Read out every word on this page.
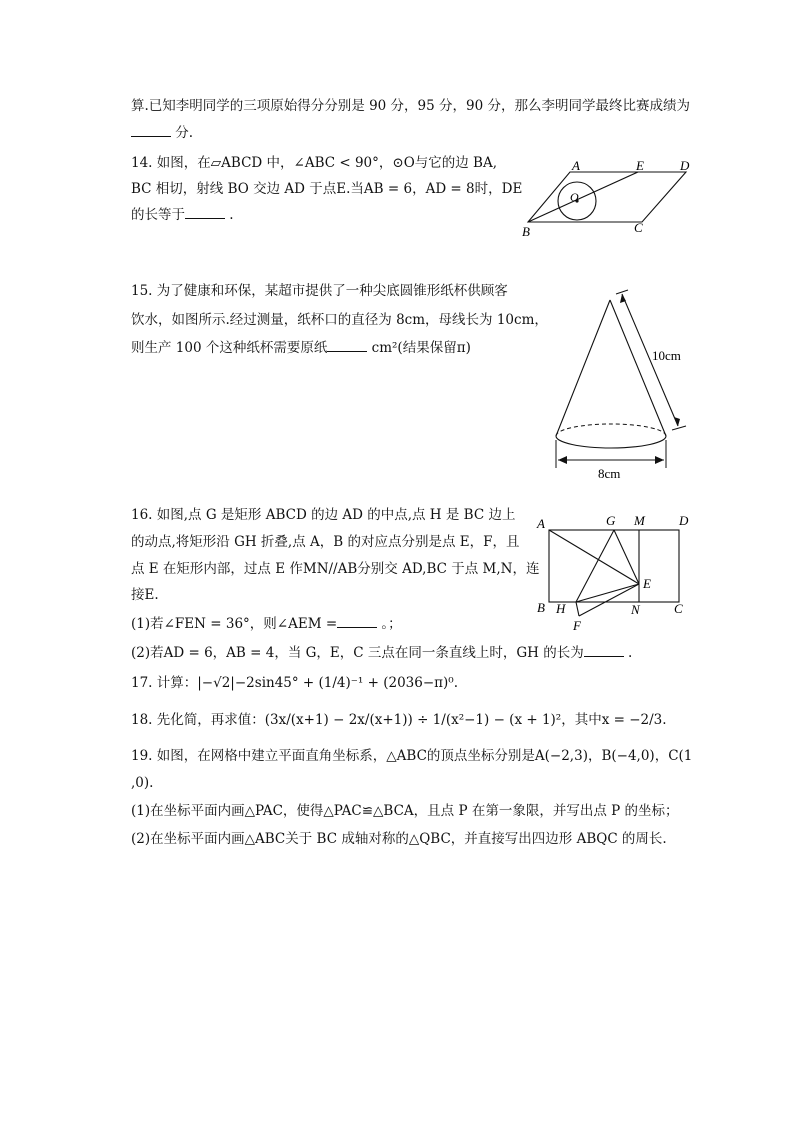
算.已知李明同学的三项原始得分分别是 90 分，95 分，90 分，那么李明同学最终比赛成绩为
分.
14. 如图，在▱ABCD 中，∠ABC < 90°，⊙O与它的边 BA,
BC 相切，射线 BO 交边 AD 于点E.当AB = 6，AD = 8时，DE
的长等于	.
A	E	D
O
B	C
15. 为了健康和环保，某超市提供了一种尖底圆锥形纸杯供顾客
饮水，如图所示.经过测量，纸杯口的直径为 8cm，母线长为 10cm，
则生产 100 个这种纸杯需要原纸	cm²(结果保留π)	10cm
8cm
16. 如图,点 G 是矩形 ABCD 的边 AD 的中点,点 H 是 BC 边上
的动点,将矩形沿 GH 折叠,点 A，B 的对应点分别是点 E，F，且
点 E 在矩形内部，过点 E 作MN//AB分别交 AD,BC 于点 M,N，连
接E.
(1)若∠FEN = 36°，则∠AEM =	。；
(2)若AD = 6，AB = 4，当 G，E，C 三点在同一条直线上时，GH 的长为	.
A	G M	D
E
B H	N	C
F
17. 计算：|−√2|−2sin45° + (1/4)⁻¹ + (2036−π)⁰.
18. 先化简，再求值：(3x/(x+1) − 2x/(x+1)) ÷ 1/(x²−1) − (x + 1)²，其中x = −2/3.
19. 如图，在网格中建立平面直角坐标系，△ABC的顶点坐标分别是A(−2,3)，B(−4,0)，C(1
,0).
(1)在坐标平面内画△PAC，使得△PAC≌△BCA，且点 P 在第一象限，并写出点 P 的坐标；
(2)在坐标平面内画△ABC关于 BC 成轴对称的△QBC，并直接写出四边形 ABQC 的周长.
